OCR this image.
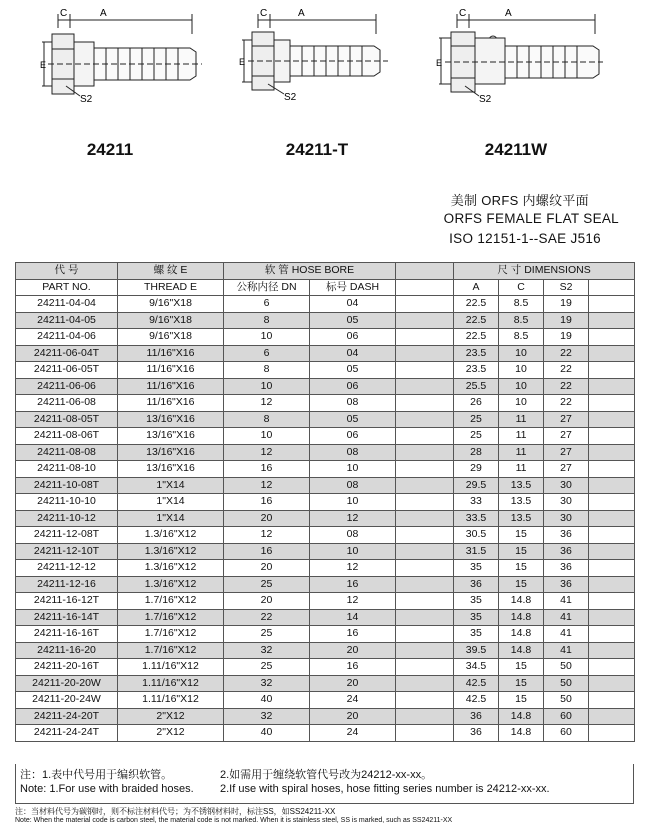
C	A
E
S2
C	A
E
S2
C	A
E
S2
24211	24211-T	24211W
美制 ORFS 内螺纹平面
ORFS FEMALE FLAT SEAL
ISO 12151-1--SAE J516
代 号	螺 纹 E	软 管 HOSE BORE			尺 寸 DIMENSIONS			
PART NO.	THREAD E	公称内径 DN	标号 DASH		A	C	S2	
24211-04-04	9/16"X18	6	04		22.5	8.5	19	
24211-04-05	9/16"X18	8	05		22.5	8.5	19	
24211-04-06	9/16"X18	10	06		22.5	8.5	19	
24211-06-04T	11/16"X16	6	04		23.5	10	22	
24211-06-05T	11/16"X16	8	05		23.5	10	22	
24211-06-06	11/16"X16	10	06		25.5	10	22	
24211-06-08	11/16"X16	12	08		26	10	22	
24211-08-05T	13/16"X16	8	05		25	11	27	
24211-08-06T	13/16"X16	10	06		25	11	27	
24211-08-08	13/16"X16	12	08		28	11	27	
24211-08-10	13/16"X16	16	10		29	11	27	
24211-10-08T	1"X14	12	08		29.5	13.5	30	
24211-10-10	1"X14	16	10		33	13.5	30	
24211-10-12	1"X14	20	12		33.5	13.5	30	
24211-12-08T	1.3/16"X12	12	08		30.5	15	36	
24211-12-10T	1.3/16"X12	16	10		31.5	15	36	
24211-12-12	1.3/16"X12	20	12		35	15	36	
24211-12-16	1.3/16"X12	25	16		36	15	36	
24211-16-12T	1.7/16"X12	20	12		35	14.8	41	
24211-16-14T	1.7/16"X12	22	14		35	14.8	41	
24211-16-16T	1.7/16"X12	25	16		35	14.8	41	
24211-16-20	1.7/16"X12	32	20		39.5	14.8	41	
24211-20-16T	1.11/16"X12	25	16		34.5	15	50	
24211-20-20W	1.11/16"X12	32	20		42.5	15	50	
24211-20-24W	1.11/16"X12	40	24		42.5	15	50	
24211-24-20T	2"X12	32	20		36	14.8	60	
24211-24-24T	2"X12	40	24		36	14.8	60	
注：1.表中代号用于编织软管。	2.如需用于缠绕软管代号改为24212-xx-xx。
Note: 1.For use with braided hoses. 2.If use with spiral hoses, hose fitting series number is 24212-xx-xx.
注：当材料代号为碳钢时，则不标注材料代号；为不锈钢材料时，标注SS，如SS24211-XX
Note: When the material code is carbon steel, the material code is not marked. When it is stainless steel, SS is marked, such as SS24211-XX
